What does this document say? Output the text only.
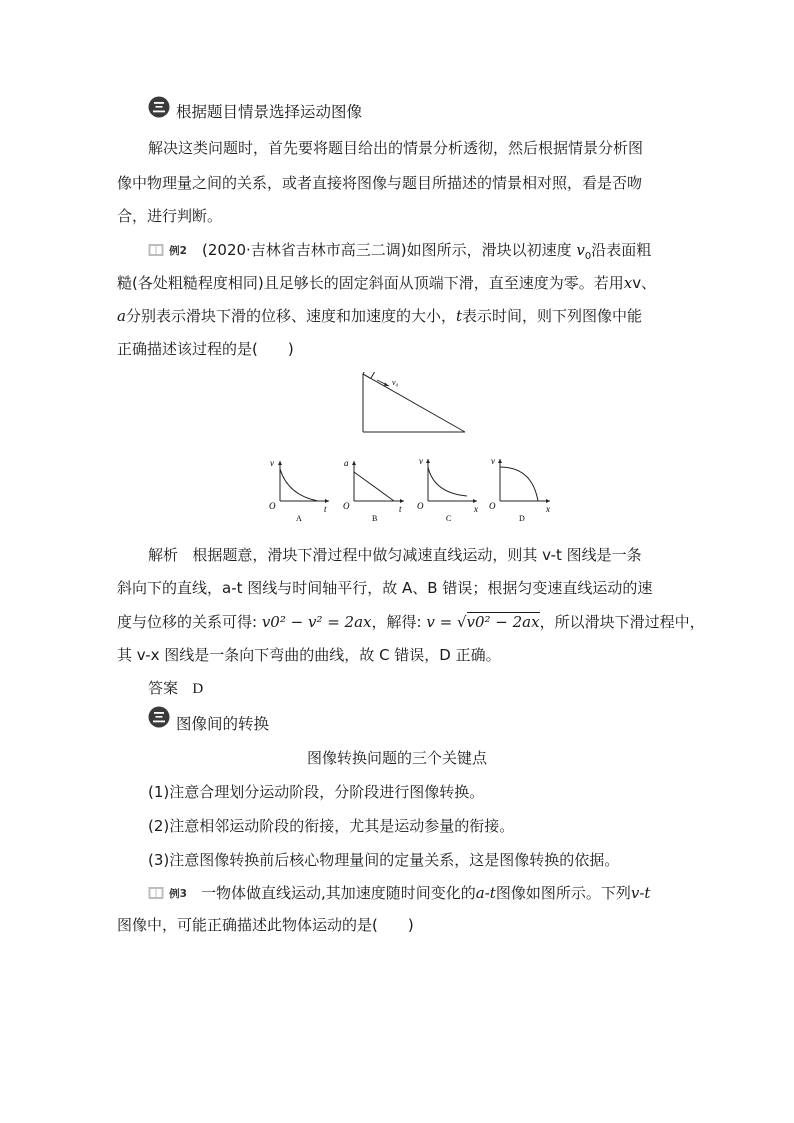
根据题目情景选择运动图像
解决这类问题时，首先要将题目给出的情景分析透彻，然后根据情景分析图
像中物理量之间的关系，或者直接将图像与题目所描述的情景相对照，看是否吻
合，进行判断。
例2 (2020·吉林省吉林市高三二调)如图所示，滑块以初速度 $v_0$沿表面粗
糙(各处粗糙程度相同)且足够长的固定斜面从顶端下滑，直至速度为零。若用xv、
a分别表示滑块下滑的位移、速度和加速度的大小，t表示时间，则下列图像中能
正确描述该过程的是(　　)
v₀
v
t
O
A
a
t
O
B
v
x
O
C
v
x
O
D
解析 根据题意，滑块下滑过程中做匀减速直线运动，则其 v-t 图线是一条
斜向下的直线，a-t 图线与时间轴平行，故 A、B 错误；根据匀变速直线运动的速
度与位移的关系可得: v0² − v² = 2ax，解得: v = √v0² − 2ax，所以滑块下滑过程中，
其 v-x 图线是一条向下弯曲的曲线，故 C 错误，D 正确。
答案 D
图像间的转换
图像转换问题的三个关键点
(1)注意合理划分运动阶段，分阶段进行图像转换。
(2)注意相邻运动阶段的衔接，尤其是运动参量的衔接。
(3)注意图像转换前后核心物理量间的定量关系，这是图像转换的依据。
例3 一物体做直线运动,其加速度随时间变化的a-t图像如图所示。下列v-t
图像中，可能正确描述此物体运动的是(　　)
